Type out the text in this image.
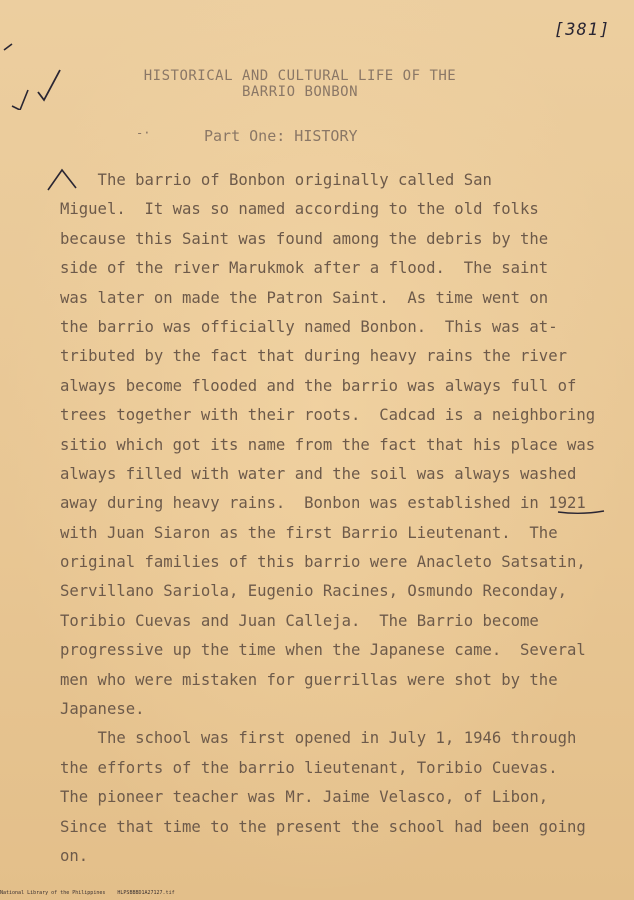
[381]
HISTORICAL AND CULTURAL LIFE OF THE
BARRIO BONBON
-·	Part One: HISTORY
The barrio of Bonbon originally called San
Miguel.  It was so named according to the old folks
because this Saint was found among the debris by the
side of the river Marukmok after a flood.  The saint
was later on made the Patron Saint.  As time went on
the barrio was officially named Bonbon.  This was at-
tributed by the fact that during heavy rains the river
always become flooded and the barrio was always full of
trees together with their roots.  Cadcad is a neighboring
sitio which got its name from the fact that his place was
always filled with water and the soil was always washed
away during heavy rains.  Bonbon was established in 1921
with Juan Siaron as the first Barrio Lieutenant.  The
original families of this barrio were Anacleto Satsatin,
Servillano Sariola, Eugenio Racines, Osmundo Reconday,
Toribio Cuevas and Juan Calleja.  The Barrio become
progressive up the time when the Japanese came.  Several
men who were mistaken for guerrillas were shot by the
Japanese.
The school was first opened in July 1, 1946 through
the efforts of the barrio lieutenant, Toribio Cuevas.
The pioneer teacher was Mr. Jaime Velasco, of Libon,
Since that time to the present the school had been going
on.
National Library of the Philippines    HLPSBBBD1A27127.tif
